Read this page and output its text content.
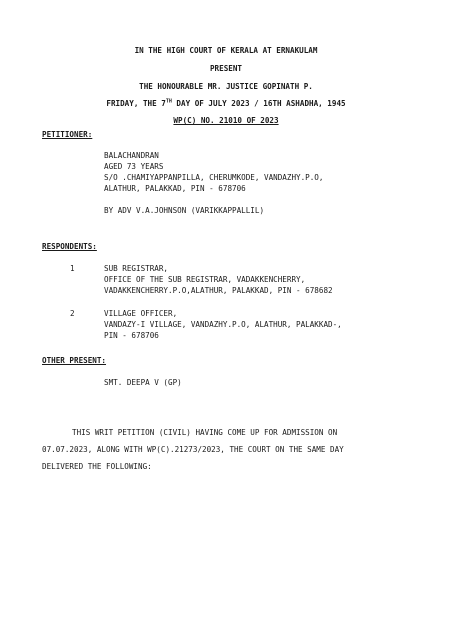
IN THE HIGH COURT OF KERALA AT ERNAKULAM
PRESENT
THE HONOURABLE MR. JUSTICE GOPINATH P.
FRIDAY, THE 7TH DAY OF JULY 2023 / 16TH ASHADHA, 1945
WP(C) NO. 21010 OF 2023
PETITIONER:
BALACHANDRAN
AGED 73 YEARS
S/O .CHAMIYAPPANPILLA, CHERUMKODE, VANDAZHY.P.O,
ALATHUR, PALAKKAD, PIN - 678706
BY ADV V.A.JOHNSON (VARIKKAPPALLIL)
RESPONDENTS:
1	SUB REGISTRAR,
OFFICE OF THE SUB REGISTRAR, VADAKKENCHERRY,
VADAKKENCHERRY.P.O,ALATHUR, PALAKKAD, PIN - 678682
2	VILLAGE OFFICER,
VANDAZY-I VILLAGE, VANDAZHY.P.O, ALATHUR, PALAKKAD-,
PIN - 678706
OTHER PRESENT:
SMT. DEEPA V (GP)
THIS WRIT PETITION (CIVIL) HAVING COME UP FOR ADMISSION ON
07.07.2023, ALONG WITH WP(C).21273/2023, THE COURT ON THE SAME DAY
DELIVERED THE FOLLOWING:
